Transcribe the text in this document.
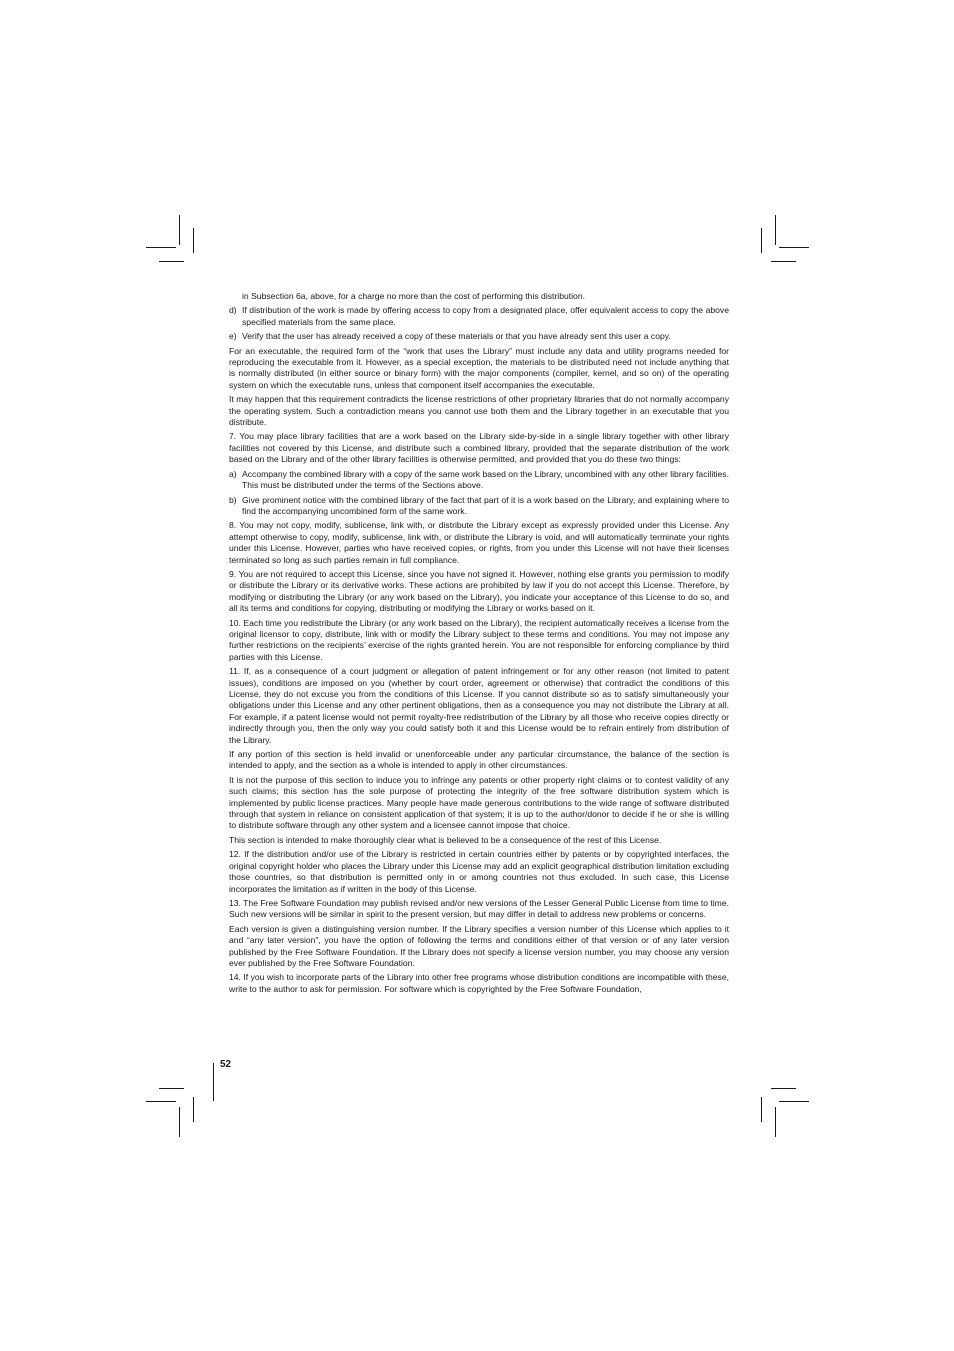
in Subsection 6a, above, for a charge no more than the cost of performing this distribution.

d) If distribution of the work is made by offering access to copy from a designated place, offer equivalent access to copy the above specified materials from the same place.

e) Verify that the user has already received a copy of these materials or that you have already sent this user a copy.

For an executable, the required form of the “work that uses the Library” must include any data and utility programs needed for reproducing the executable from it. However, as a special exception, the materials to be distributed need not include anything that is normally distributed (in either source or binary form) with the major components (compiler, kernel, and so on) of the operating system on which the executable runs, unless that component itself accompanies the executable.

It may happen that this requirement contradicts the license restrictions of other proprietary libraries that do not normally accompany the operating system. Such a contradiction means you cannot use both them and the Library together in an executable that you distribute.

7. You may place library facilities that are a work based on the Library side-by-side in a single library together with other library facilities not covered by this License, and distribute such a combined library, provided that the separate distribution of the work based on the Library and of the other library facilities is otherwise permitted, and provided that you do these two things:

a) Accompany the combined library with a copy of the same work based on the Library, uncombined with any other library facilities. This must be distributed under the terms of the Sections above.

b) Give prominent notice with the combined library of the fact that part of it is a work based on the Library, and explaining where to find the accompanying uncombined form of the same work.

8. You may not copy, modify, sublicense, link with, or distribute the Library except as expressly provided under this License. Any attempt otherwise to copy, modify, sublicense, link with, or distribute the Library is void, and will automatically terminate your rights under this License. However, parties who have received copies, or rights, from you under this License will not have their licenses terminated so long as such parties remain in full compliance.

9. You are not required to accept this License, since you have not signed it. However, nothing else grants you permission to modify or distribute the Library or its derivative works. These actions are prohibited by law if you do not accept this License. Therefore, by modifying or distributing the Library (or any work based on the Library), you indicate your acceptance of this License to do so, and all its terms and conditions for copying, distributing or modifying the Library or works based on it.

10. Each time you redistribute the Library (or any work based on the Library), the recipient automatically receives a license from the original licensor to copy, distribute, link with or modify the Library subject to these terms and conditions. You may not impose any further restrictions on the recipients’ exercise of the rights granted herein. You are not responsible for enforcing compliance by third parties with this License.

11. If, as a consequence of a court judgment or allegation of patent infringement or for any other reason (not limited to patent issues), conditions are imposed on you (whether by court order, agreement or otherwise) that contradict the conditions of this License, they do not excuse you from the conditions of this License. If you cannot distribute so as to satisfy simultaneously your obligations under this License and any other pertinent obligations, then as a consequence you may not distribute the Library at all. For example, if a patent license would not permit royalty-free redistribution of the Library by all those who receive copies directly or indirectly through you, then the only way you could satisfy both it and this License would be to refrain entirely from distribution of the Library.

If any portion of this section is held invalid or unenforceable under any particular circumstance, the balance of the section is intended to apply, and the section as a whole is intended to apply in other circumstances.

It is not the purpose of this section to induce you to infringe any patents or other property right claims or to contest validity of any such claims; this section has the sole purpose of protecting the integrity of the free software distribution system which is implemented by public license practices. Many people have made generous contributions to the wide range of software distributed through that system in reliance on consistent application of that system; it is up to the author/donor to decide if he or she is willing to distribute software through any other system and a licensee cannot impose that choice.

This section is intended to make thoroughly clear what is believed to be a consequence of the rest of this License.

12. If the distribution and/or use of the Library is restricted in certain countries either by patents or by copyrighted interfaces, the original copyright holder who places the Library under this License may add an explicit geographical distribution limitation excluding those countries, so that distribution is permitted only in or among countries not thus excluded. In such case, this License incorporates the limitation as if written in the body of this License.

13. The Free Software Foundation may publish revised and/or new versions of the Lesser General Public License from time to time. Such new versions will be similar in spirit to the present version, but may differ in detail to address new problems or concerns.

Each version is given a distinguishing version number. If the Library specifies a version number of this License which applies to it and “any later version”, you have the option of following the terms and conditions either of that version or of any later version published by the Free Software Foundation. If the Library does not specify a license version number, you may choose any version ever published by the Free Software Foundation.

14. If you wish to incorporate parts of the Library into other free programs whose distribution conditions are incompatible with these, write to the author to ask for permission. For software which is copyrighted by the Free Software Foundation,

52
